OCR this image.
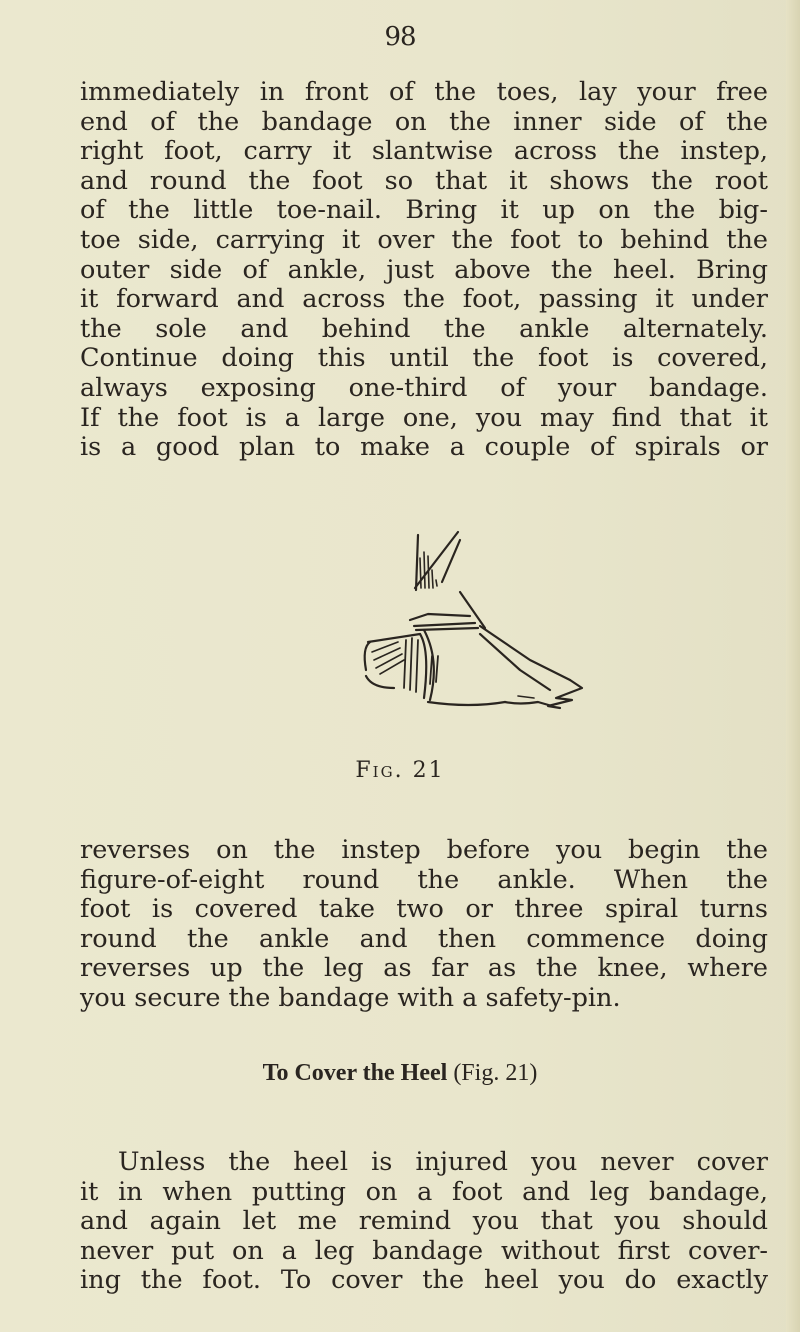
98

immediately in front of the toes, lay your free
end of the bandage on the inner side of the
right foot, carry it slantwise across the instep,
and round the foot so that it shows the root
of the little toe-nail. Bring it up on the big-
toe side, carrying it over the foot to behind the
outer side of ankle, just above the heel. Bring
it forward and across the foot, passing it under
the sole and behind the ankle alternately.
Continue doing this until the foot is covered,
always exposing one-third of your bandage.
If the foot is a large one, you may find that it
is a good plan to make a couple of spirals or

Fig. 21

reverses on the instep before you begin the
figure-of-eight round the ankle. When the
foot is covered take two or three spiral turns
round the ankle and then commence doing
reverses up the leg as far as the knee, where
you secure the bandage with a safety-pin.

To Cover the Heel (Fig. 21)

Unless the heel is injured you never cover
it in when putting on a foot and leg bandage,
and again let me remind you that you should
never put on a leg bandage without first cover-
ing the foot. To cover the heel you do exactly
